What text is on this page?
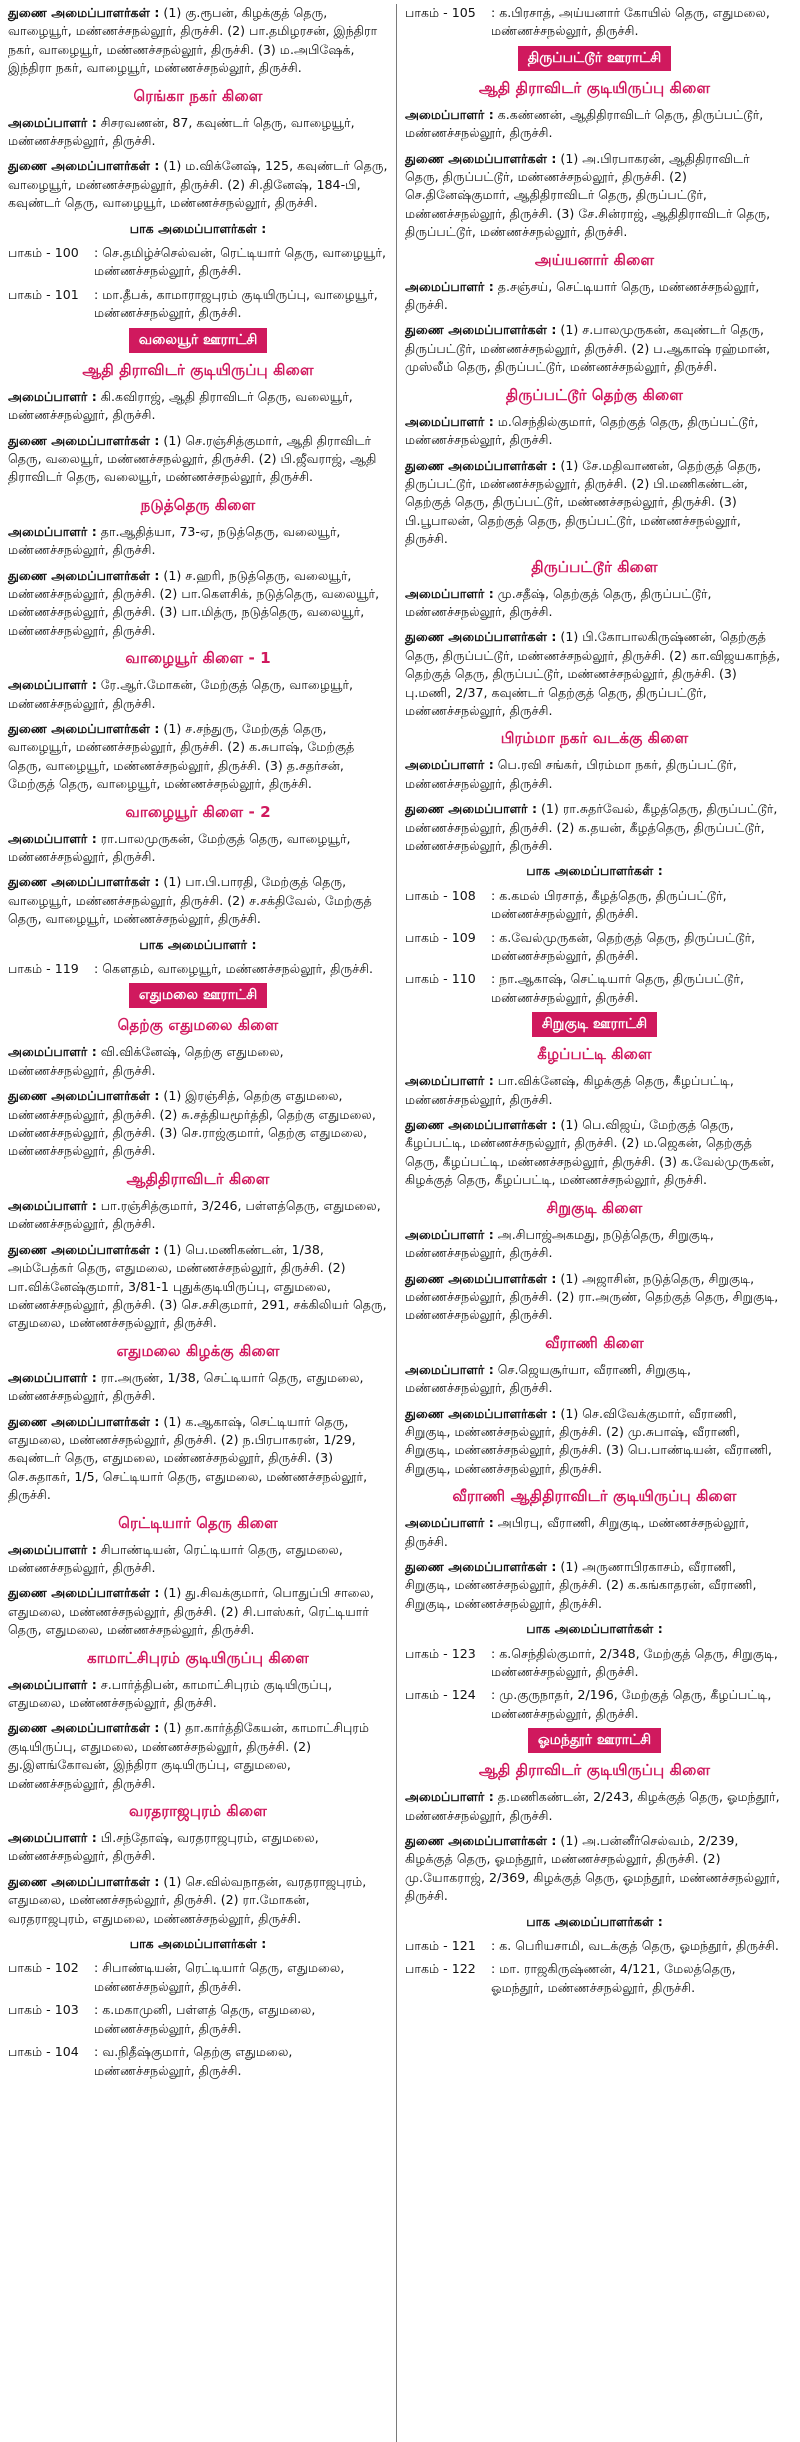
துணை அமைப்பாளர்கள் : (1) கு.ரூபன், கிழக்குத் தெரு, வாழையூர், மண்ணச்சநல்லூர், திருச்சி. (2) பா.தமிழரசன், இந்திரா நகர், வாழையூர், மண்ணச்சநல்லூர், திருச்சி. (3) ம.அபிஷேக், இந்திரா நகர், வாழையூர், மண்ணச்சநல்லூர், திருச்சி.
ரெங்கா நகர் கிளை
அமைப்பாளர் : சிசரவணன், 87, கவுண்டர் தெரு, வாழையூர், மண்ணச்சநல்லூர், திருச்சி.
துணை அமைப்பாளர்கள் : (1) ம.விக்னேஷ், 125, கவுண்டர் தெரு, வாழையூர், மண்ணச்சநல்லூர், திருச்சி. (2) சி.தினேஷ், 184-பி, கவுண்டர் தெரு, வாழையூர், மண்ணச்சநல்லூர், திருச்சி.
பாக அமைப்பாளர்கள் :
பாகம் - 100	: செ.தமிழ்ச்செல்வன், ரெட்டியார் தெரு, வாழையூர், மண்ணச்சநல்லூர், திருச்சி.
பாகம் - 101	: மா.தீபக், காமாராஜபுரம் குடியிருப்பு, வாழையூர், மண்ணச்சநல்லூர், திருச்சி.
வலையூர் ஊராட்சி
ஆதி திராவிடர் குடியிருப்பு கிளை
அமைப்பாளர் : கி.கவிராஜ், ஆதி திராவிடர் தெரு, வலையூர், மண்ணச்சநல்லூர், திருச்சி.
துணை அமைப்பாளர்கள் : (1) செ.ரஞ்சித்குமார், ஆதி திராவிடர் தெரு, வலையூர், மண்ணச்சநல்லூர், திருச்சி. (2) பி.ஜீவராஜ், ஆதி திராவிடர் தெரு, வலையூர், மண்ணச்சநல்லூர், திருச்சி.
நடுத்தெரு கிளை
அமைப்பாளர் : தா.ஆதித்யா, 73-ஏ, நடுத்தெரு, வலையூர், மண்ணச்சநல்லூர், திருச்சி.
துணை அமைப்பாளர்கள் : (1) ச.ஹரி, நடுத்தெரு, வலையூர், மண்ணச்சநல்லூர், திருச்சி. (2) பா.கௌசிக், நடுத்தெரு, வலையூர், மண்ணச்சநல்லூர், திருச்சி. (3) பா.மித்ரு, நடுத்தெரு, வலையூர், மண்ணச்சநல்லூர், திருச்சி.
வாழையூர் கிளை - 1
அமைப்பாளர் : ரே.ஆர்.மோகன், மேற்குத் தெரு, வாழையூர், மண்ணச்சநல்லூர், திருச்சி.
துணை அமைப்பாளர்கள் : (1) ச.சந்துரு, மேற்குத் தெரு, வாழையூர், மண்ணச்சநல்லூர், திருச்சி. (2) க.சுபாஷ், மேற்குத் தெரு, வாழையூர், மண்ணச்சநல்லூர், திருச்சி. (3) த.சதர்சன், மேற்குத் தெரு, வாழையூர், மண்ணச்சநல்லூர், திருச்சி.
வாழையூர் கிளை - 2
அமைப்பாளர் : ரா.பாலமுருகன், மேற்குத் தெரு, வாழையூர், மண்ணச்சநல்லூர், திருச்சி.
துணை அமைப்பாளர்கள் : (1) பா.பி.பாரதி, மேற்குத் தெரு, வாழையூர், மண்ணச்சநல்லூர், திருச்சி. (2) ச.சக்திவேல், மேற்குத் தெரு, வாழையூர், மண்ணச்சநல்லூர், திருச்சி.
பாக அமைப்பாளர் :
பாகம் - 119	: கௌதம், வாழையூர், மண்ணச்சநல்லூர், திருச்சி.
எதுமலை ஊராட்சி
தெற்கு எதுமலை கிளை
அமைப்பாளர் : வி.விக்னேஷ், தெற்கு எதுமலை, மண்ணச்சநல்லூர், திருச்சி.
துணை அமைப்பாளர்கள் : (1) இரஞ்சித், தெற்கு எதுமலை, மண்ணச்சநல்லூர், திருச்சி. (2) சு.சத்தியமூர்த்தி, தெற்கு எதுமலை, மண்ணச்சநல்லூர், திருச்சி. (3) செ.ராஜ்குமார், தெற்கு எதுமலை, மண்ணச்சநல்லூர், திருச்சி.
ஆதிதிராவிடர் கிளை
அமைப்பாளர் : பா.ரஞ்சித்குமார், 3/246, பள்ளத்தெரு, எதுமலை, மண்ணச்சநல்லூர், திருச்சி.
துணை அமைப்பாளர்கள் : (1) பெ.மணிகண்டன், 1/38, அம்பேத்கர் தெரு, எதுமலை, மண்ணச்சநல்லூர், திருச்சி. (2) பா.விக்னேஷ்குமார், 3/81-1 புதுக்குடியிருப்பு, எதுமலை, மண்ணச்சநல்லூர், திருச்சி. (3) செ.சசிகுமார், 291, சக்கிலியர் தெரு, எதுமலை, மண்ணச்சநல்லூர், திருச்சி.
எதுமலை கிழக்கு கிளை
அமைப்பாளர் : ரா.அருண், 1/38, செட்டியார் தெரு, எதுமலை, மண்ணச்சநல்லூர், திருச்சி.
துணை அமைப்பாளர்கள் : (1) க.ஆகாஷ், செட்டியார் தெரு, எதுமலை, மண்ணச்சநல்லூர், திருச்சி. (2) ந.பிரபாகரன், 1/29, கவுண்டர் தெரு, எதுமலை, மண்ணச்சநல்லூர், திருச்சி. (3) செ.சுதாகர், 1/5, செட்டியார் தெரு, எதுமலை, மண்ணச்சநல்லூர், திருச்சி.
ரெட்டியார் தெரு கிளை
அமைப்பாளர் : சிபாண்டியன், ரெட்டியார் தெரு, எதுமலை, மண்ணச்சநல்லூர், திருச்சி.
துணை அமைப்பாளர்கள் : (1) து.சிவக்குமார், பொதுப்பி சாலை, எதுமலை, மண்ணச்சநல்லூர், திருச்சி. (2) சி.பாஸ்கர், ரெட்டியார் தெரு, எதுமலை, மண்ணச்சநல்லூர், திருச்சி.
காமாட்சிபுரம் குடியிருப்பு கிளை
அமைப்பாளர் : ச.பார்த்திபன், காமாட்சிபுரம் குடியிருப்பு, எதுமலை, மண்ணச்சநல்லூர், திருச்சி.
துணை அமைப்பாளர்கள் : (1) தா.கார்த்திகேயன், காமாட்சிபுரம் குடியிருப்பு, எதுமலை, மண்ணச்சநல்லூர், திருச்சி. (2) து.இளங்கோவன், இந்திரா குடியிருப்பு, எதுமலை, மண்ணச்சநல்லூர், திருச்சி.
வரதராஜபுரம் கிளை
அமைப்பாளர் : பி.சந்தோஷ், வரதராஜபுரம், எதுமலை, மண்ணச்சநல்லூர், திருச்சி.
துணை அமைப்பாளர்கள் : (1) செ.வில்வநாதன், வரதராஜபுரம், எதுமலை, மண்ணச்சநல்லூர், திருச்சி. (2) ரா.மோகன், வரதராஜபுரம், எதுமலை, மண்ணச்சநல்லூர், திருச்சி.
பாக அமைப்பாளர்கள் :
பாகம் - 102	: சிபாண்டியன், ரெட்டியார் தெரு, எதுமலை, மண்ணச்சநல்லூர், திருச்சி.
பாகம் - 103	: க.மகாமுனி, பள்ளத் தெரு, எதுமலை, மண்ணச்சநல்லூர், திருச்சி.
பாகம் - 104	: வ.நிதீஷ்குமார், தெற்கு எதுமலை, மண்ணச்சநல்லூர், திருச்சி.
பாகம் - 105	: க.பிரசாத், அய்யனார் கோயில் தெரு, எதுமலை, மண்ணச்சநல்லூர், திருச்சி.
திருப்பட்டூர் ஊராட்சி
ஆதி திராவிடர் குடியிருப்பு கிளை
அமைப்பாளர் : க.கண்ணன், ஆதிதிராவிடர் தெரு, திருப்பட்டூர், மண்ணச்சநல்லூர், திருச்சி.
துணை அமைப்பாளர்கள் : (1) அ.பிரபாகரன், ஆதிதிராவிடர் தெரு, திருப்பட்டூர், மண்ணச்சநல்லூர், திருச்சி. (2) செ.தினேஷ்குமார், ஆதிதிராவிடர் தெரு, திருப்பட்டூர், மண்ணச்சநல்லூர், திருச்சி. (3) சே.சின்ராஜ், ஆதிதிராவிடர் தெரு, திருப்பட்டூர், மண்ணச்சநல்லூர், திருச்சி.
அய்யனார் கிளை
அமைப்பாளர் : த.சஞ்சய், செட்டியார் தெரு, மண்ணச்சநல்லூர், திருச்சி.
துணை அமைப்பாளர்கள் : (1) ச.பாலமுருகன், கவுண்டர் தெரு, திருப்பட்டூர், மண்ணச்சநல்லூர், திருச்சி. (2) ப.ஆகாஷ் ரஹ்மான், முஸ்லீம் தெரு, திருப்பட்டூர், மண்ணச்சநல்லூர், திருச்சி.
திருப்பட்டூர் தெற்கு கிளை
அமைப்பாளர் : ம.செந்தில்குமார், தெற்குத் தெரு, திருப்பட்டூர், மண்ணச்சநல்லூர், திருச்சி.
துணை அமைப்பாளர்கள் : (1) சே.மதிவாணன், தெற்குத் தெரு, திருப்பட்டூர், மண்ணச்சநல்லூர், திருச்சி. (2) பி.மணிகண்டன், தெற்குத் தெரு, திருப்பட்டூர், மண்ணச்சநல்லூர், திருச்சி. (3) பி.பூபாலன், தெற்குத் தெரு, திருப்பட்டூர், மண்ணச்சநல்லூர், திருச்சி.
திருப்பட்டூர் கிளை
அமைப்பாளர் : மு.சதீஷ், தெற்குத் தெரு, திருப்பட்டூர், மண்ணச்சநல்லூர், திருச்சி.
துணை அமைப்பாளர்கள் : (1) பி.கோபாலகிருஷ்ணன், தெற்குத் தெரு, திருப்பட்டூர், மண்ணச்சநல்லூர், திருச்சி. (2) கா.விஜயகாந்த், தெற்குத் தெரு, திருப்பட்டூர், மண்ணச்சநல்லூர், திருச்சி. (3) பு.மணி, 2/37, கவுண்டர் தெற்குத் தெரு, திருப்பட்டூர், மண்ணச்சநல்லூர், திருச்சி.
பிரம்மா நகர் வடக்கு கிளை
அமைப்பாளர் : பெ.ரவி சங்கர், பிரம்மா நகர், திருப்பட்டூர், மண்ணச்சநல்லூர், திருச்சி.
துணை அமைப்பாளர் : (1) ரா.சுதர்வேல், கீழத்தெரு, திருப்பட்டூர், மண்ணச்சநல்லூர், திருச்சி. (2) க.தயன், கீழத்தெரு, திருப்பட்டூர், மண்ணச்சநல்லூர், திருச்சி.
பாக அமைப்பாளர்கள் :
பாகம் - 108	: க.கமல் பிரசாத், கீழத்தெரு, திருப்பட்டூர், மண்ணச்சநல்லூர், திருச்சி.
பாகம் - 109	: க.வேல்முருகன், தெற்குத் தெரு, திருப்பட்டூர், மண்ணச்சநல்லூர், திருச்சி.
பாகம் - 110	: நா.ஆகாஷ், செட்டியார் தெரு, திருப்பட்டூர், மண்ணச்சநல்லூர், திருச்சி.
சிறுகுடி ஊராட்சி
கீழப்பட்டி கிளை
அமைப்பாளர் : பா.விக்னேஷ், கிழக்குத் தெரு, கீழப்பட்டி, மண்ணச்சநல்லூர், திருச்சி.
துணை அமைப்பாளர்கள் : (1) பெ.விஜய், மேற்குத் தெரு, கீழப்பட்டி, மண்ணச்சநல்லூர், திருச்சி. (2) ம.ஜெகன், தெற்குத் தெரு, கீழப்பட்டி, மண்ணச்சநல்லூர், திருச்சி. (3) க.வேல்முருகன், கிழக்குத் தெரு, கீழப்பட்டி, மண்ணச்சநல்லூர், திருச்சி.
சிறுகுடி கிளை
அமைப்பாளர் : அ.சிபாஜ்அகமது, நடுத்தெரு, சிறுகுடி, மண்ணச்சநல்லூர், திருச்சி.
துணை அமைப்பாளர்கள் : (1) அஜாசின், நடுத்தெரு, சிறுகுடி, மண்ணச்சநல்லூர், திருச்சி. (2) ரா.அருண், தெற்குத் தெரு, சிறுகுடி, மண்ணச்சநல்லூர், திருச்சி.
வீராணி கிளை
அமைப்பாளர் : செ.ஜெயசூர்யா, வீராணி, சிறுகுடி, மண்ணச்சநல்லூர், திருச்சி.
துணை அமைப்பாளர்கள் : (1) செ.விவேக்குமார், வீராணி, சிறுகுடி, மண்ணச்சநல்லூர், திருச்சி. (2) மு.சுபாஷ், வீராணி, சிறுகுடி, மண்ணச்சநல்லூர், திருச்சி. (3) பெ.பாண்டியன், வீராணி, சிறுகுடி, மண்ணச்சநல்லூர், திருச்சி.
வீராணி ஆதிதிராவிடர் குடியிருப்பு கிளை
அமைப்பாளர் : அபிரபு, வீராணி, சிறுகுடி, மண்ணச்சநல்லூர், திருச்சி.
துணை அமைப்பாளர்கள் : (1) அருணாபிரகாசம், வீராணி, சிறுகுடி, மண்ணச்சநல்லூர், திருச்சி. (2) க.கங்காதரன், வீராணி, சிறுகுடி, மண்ணச்சநல்லூர், திருச்சி.
பாக அமைப்பாளர்கள் :
பாகம் - 123	: க.செந்தில்குமார், 2/348, மேற்குத் தெரு, சிறுகுடி, மண்ணச்சநல்லூர், திருச்சி.
பாகம் - 124	: மு.குருநாதர், 2/196, மேற்குத் தெரு, கீழப்பட்டி, மண்ணச்சநல்லூர், திருச்சி.
ஓமந்தூர் ஊராட்சி
ஆதி திராவிடர் குடியிருப்பு கிளை
அமைப்பாளர் : த.மணிகண்டன், 2/243, கிழக்குத் தெரு, ஓமந்தூர், மண்ணச்சநல்லூர், திருச்சி.
துணை அமைப்பாளர்கள் : (1) அ.பன்னீர்செல்வம், 2/239, கிழக்குத் தெரு, ஓமந்தூர், மண்ணச்சநல்லூர், திருச்சி. (2) மு.யோகராஜ், 2/369, கிழக்குத் தெரு, ஓமந்தூர், மண்ணச்சநல்லூர், திருச்சி.
பாக அமைப்பாளர்கள் :
பாகம் - 121	: க. பெரியசாமி, வடக்குத் தெரு, ஓமந்தூர், திருச்சி.
பாகம் - 122	: மா. ராஜகிருஷ்ணன், 4/121, மேலத்தெரு, ஓமந்தூர், மண்ணச்சநல்லூர், திருச்சி.
